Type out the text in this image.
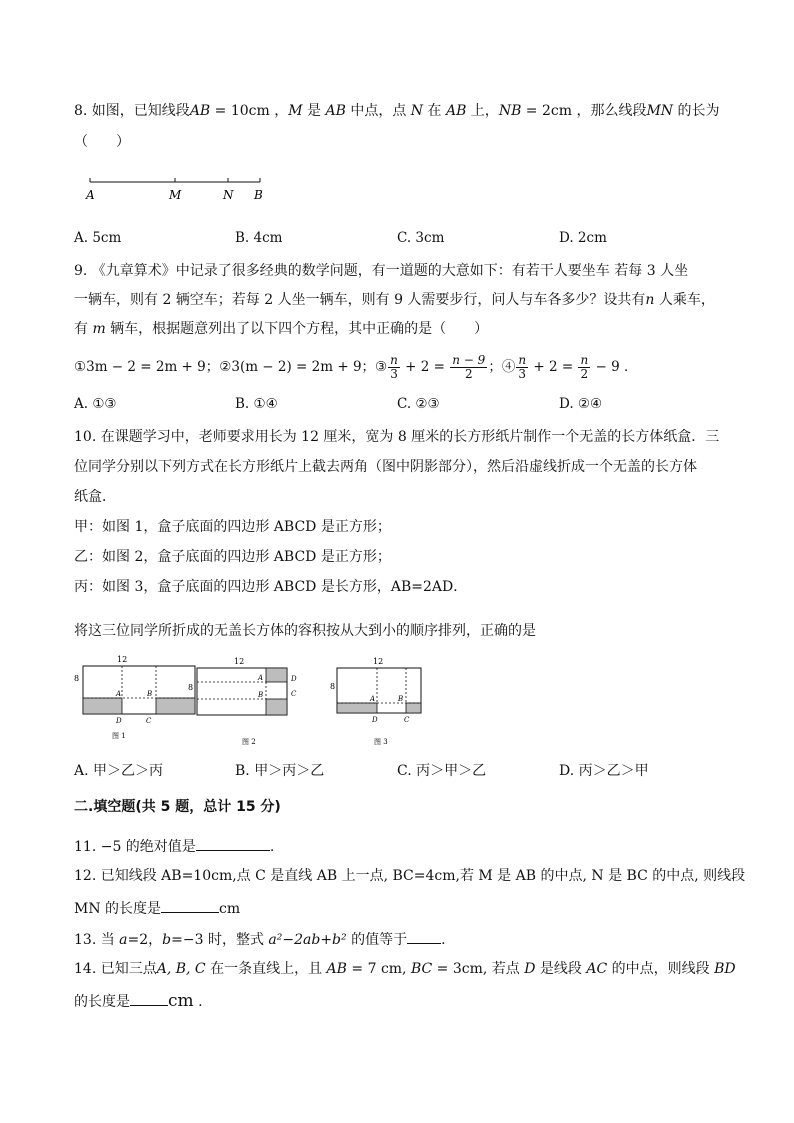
8. 如图，已知线段AB = 10cm ，M 是 AB 中点，点 N 在 AB 上，NB = 2cm ，那么线段MN 的长为
（　　）
A	M	N B
A. 5cm	B. 4cm	C. 3cm	D. 2cm
9. 《九章算术》中记录了很多经典的数学问题，有一道题的大意如下：有若干人要坐车 若每 3 人坐
一辆车，则有 2 辆空车；若每 2 人坐一辆车，则有 9 人需要步行，问人与车各多少？设共有n 人乘车，
有 m 辆车，根据题意列出了以下四个方程，其中正确的是（　　）
①3m − 2 = 2m + 9；②3(m − 2) = 2m + 9；③ $\frac{n}{3} + 2 = \frac{n - 9}{2}$ ；④ $\frac{n}{3} + 2 = \frac{n}{2} - 9$ ．
A. ①③	B. ①④	C. ②③	D. ②④
10. 在课题学习中，老师要求用长为 12 厘米，宽为 8 厘米的长方形纸片制作一个无盖的长方体纸盒．三
位同学分别以下列方式在长方形纸片上截去两角（图中阴影部分），然后沿虚线折成一个无盖的长方体
纸盒．
甲：如图 1，盒子底面的四边形 ABCD 是正方形；
乙：如图 2，盒子底面的四边形 ABCD 是正方形；
丙：如图 3，盒子底面的四边形 ABCD 是长方形，AB=2AD．
将这三位同学所折成的无盖长方体的容积按从大到小的顺序排列，正确的是
12
8
A	B
C
D
图 1
12
8
A
B	C
D
图 2
12
8
A	B
C
D
图 3
A. 甲＞乙＞丙	B. 甲＞丙＞乙	C. 丙＞甲＞乙	D. 丙＞乙＞甲
二.填空题(共 5 题，总计 15 分)
11. −5 的绝对值是	.
12. 已知线段 AB=10cm,点 C 是直线 AB 上一点, BC=4cm,若 M 是 AB 的中点, N 是 BC 的中点, 则线段
MN 的长度是	cm
13. 当 a=2，b=−3 时，整式 a²−2ab+b² 的值等于 .
14. 已知三点A, B, C 在一条直线上，且 AB = 7 cm, BC = 3cm, 若点 D 是线段 AC 的中点，则线段 BD
的长度是 cm .
